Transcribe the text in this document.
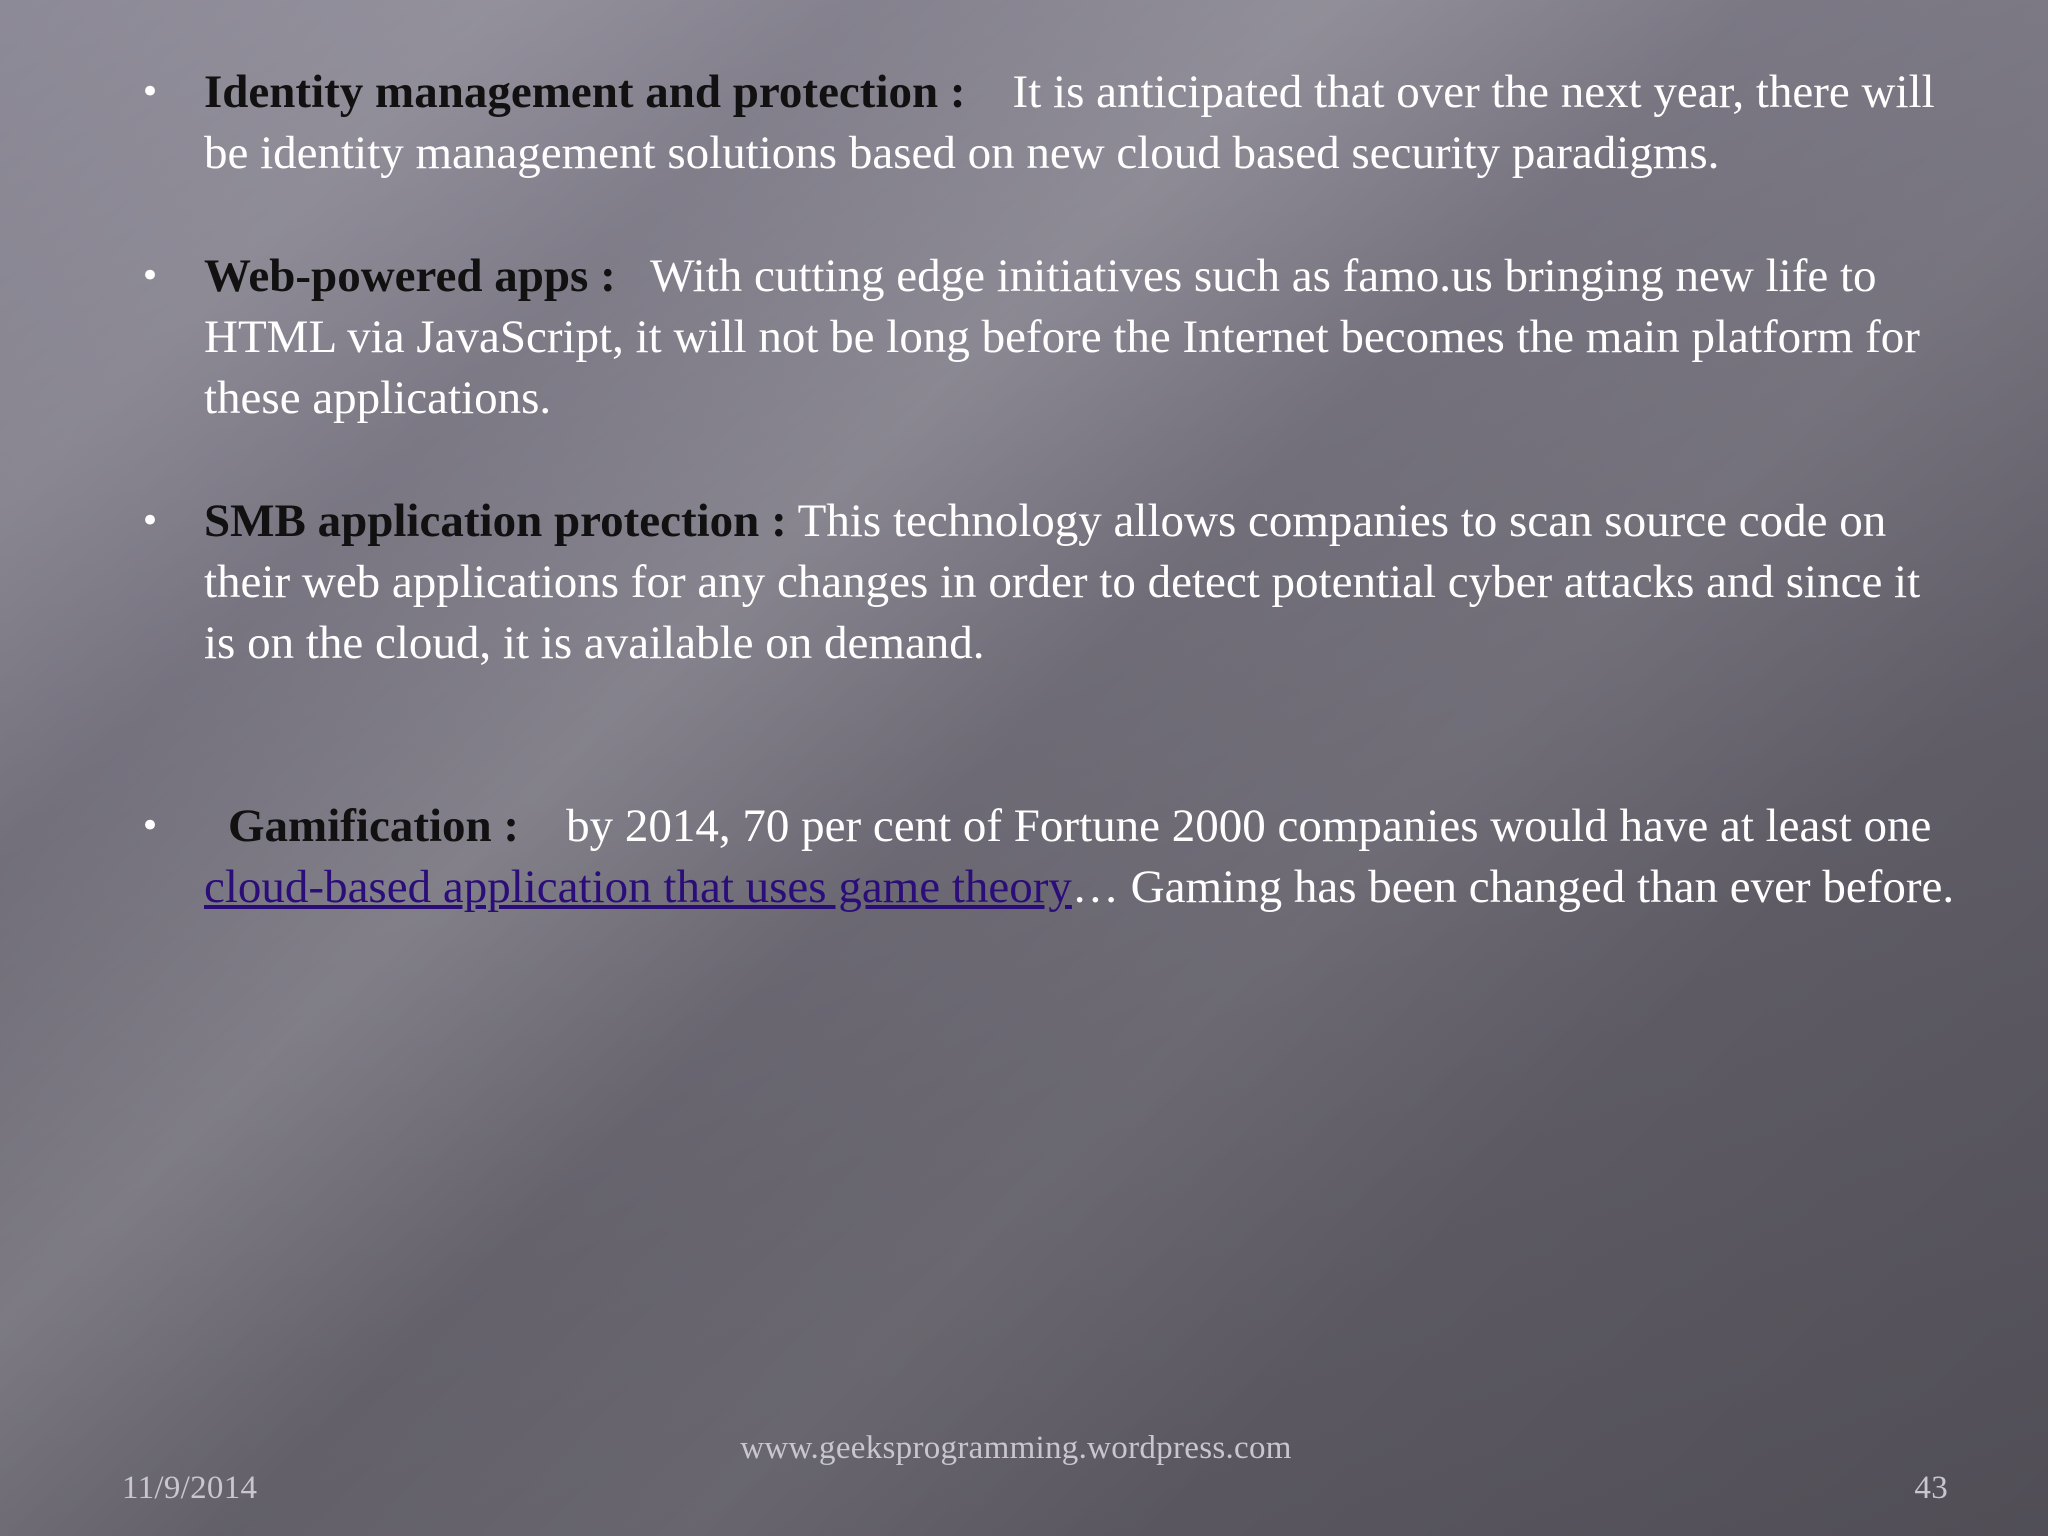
• Identity management and protection : It is anticipated that over the next year, there will be identity management solutions based on new cloud based security paradigms.
• Web-powered apps : With cutting edge initiatives such as famo.us bringing new life to HTML via JavaScript, it will not be long before the Internet becomes the main platform for these applications.
• SMB application protection : This technology allows companies to scan source code on their web applications for any changes in order to detect potential cyber attacks and since it is on the cloud, it is available on demand.
• Gamification : by 2014, 70 per cent of Fortune 2000 companies would have at least one cloud-based application that uses game theory… Gaming has been changed than ever before.
11/9/2014
www.geeksprogramming.wordpress.com
43
